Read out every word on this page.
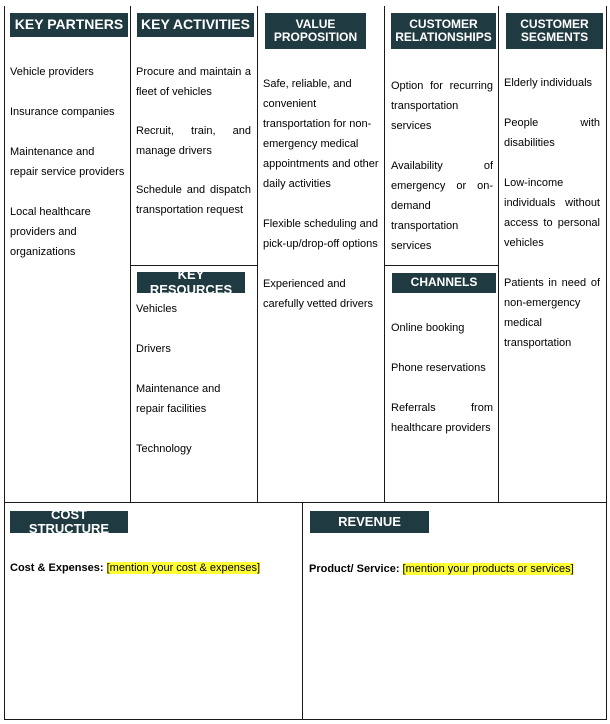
KEY PARTNERS

Vehicle providers

Insurance companies

Maintenance and repair service providers

Local healthcare providers and organizations

KEY ACTIVITIES

Procure and maintain a fleet of vehicles

Recruit, train, and manage drivers

Schedule and dispatch transportation request

KEY RESOURCES

Vehicles

Drivers

Maintenance and repair facilities

Technology

VALUE
PROPOSITION

Safe, reliable, and convenient transportation for non-emergency medical appointments and other daily activities

Flexible scheduling and pick-up/drop-off options

Experienced and carefully vetted drivers

CUSTOMER
RELATIONSHIPS

Option for recurring transportation services

Availability of emergency or on-demand transportation services

CHANNELS

Online booking

Phone reservations

Referrals from healthcare providers

CUSTOMER
SEGMENTS

Elderly individuals

People with disabilities

Low-income individuals without access to personal vehicles

Patients in need of non-emergency medical transportation

COST STRUCTURE
Cost & Expenses: [mention your cost & expenses]
REVENUE
Product/ Service: [mention your products or services]
